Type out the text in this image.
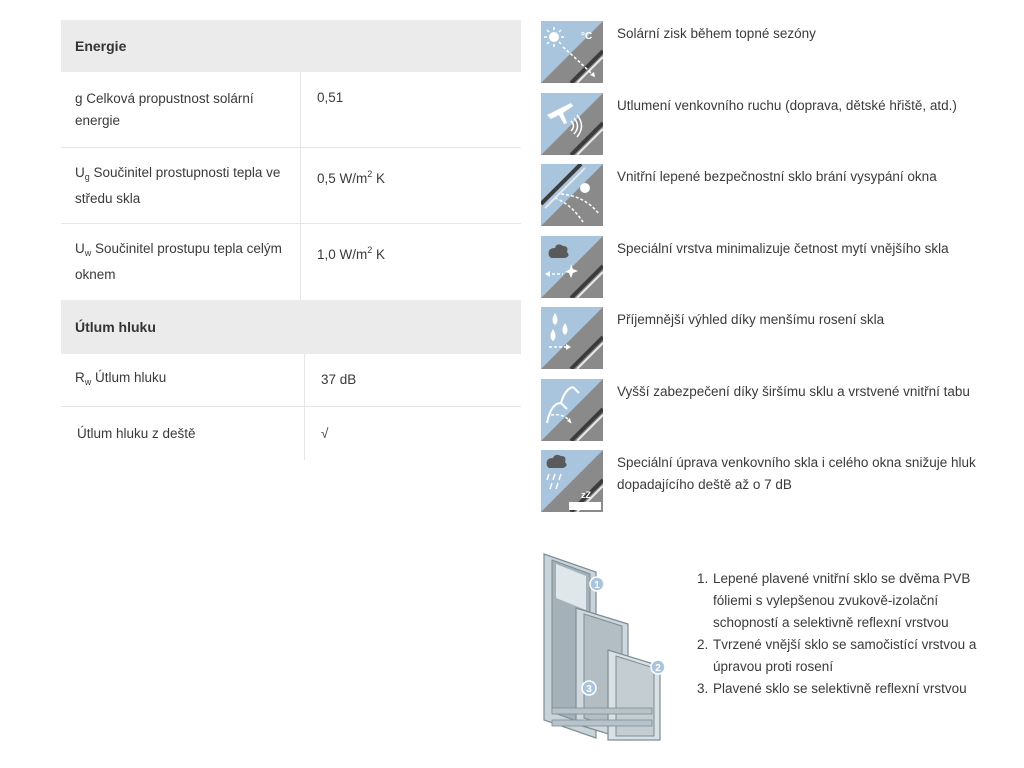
Energie
g Celková propustnost solární energie
0,51
$U_g$ Součinitel prostupnosti tepla ve středu skla
0,5 $W/m^2$ K
$U_w$ Součinitel prostupu tepla celým oknem
1,0 $W/m^2$ K
Útlum hluku
$R_w$ Útlum hluku	37 dB
Útlum hluku z deště	√
°C Solární zisk během topné sezóny
Utlumení venkovního ruchu (doprava, dětské hřiště, atd.)
Vnitřní lepené bezpečnostní sklo brání vysypání okna
Speciální vrstva minimalizuje četnost mytí vnějšího skla
Příjemnější výhled díky menšímu rosení skla
Vyšší zabezpečení díky širšímu sklu a vrstvené vnitřní tabu
zZ
Speciální úprava venkovního skla i celého okna snižuje hluk dopadajícího deště až o 7 dB
1
2
3
1. Lepené plavené vnitřní sklo se dvěma PVB fóliemi s vylepšenou zvukově-izolační schopností a selektivně reflexní vrstvou
2. Tvrzené vnější sklo se samočistící vrstvou a úpravou proti rosení
3. Plavené sklo se selektivně reflexní vrstvou
